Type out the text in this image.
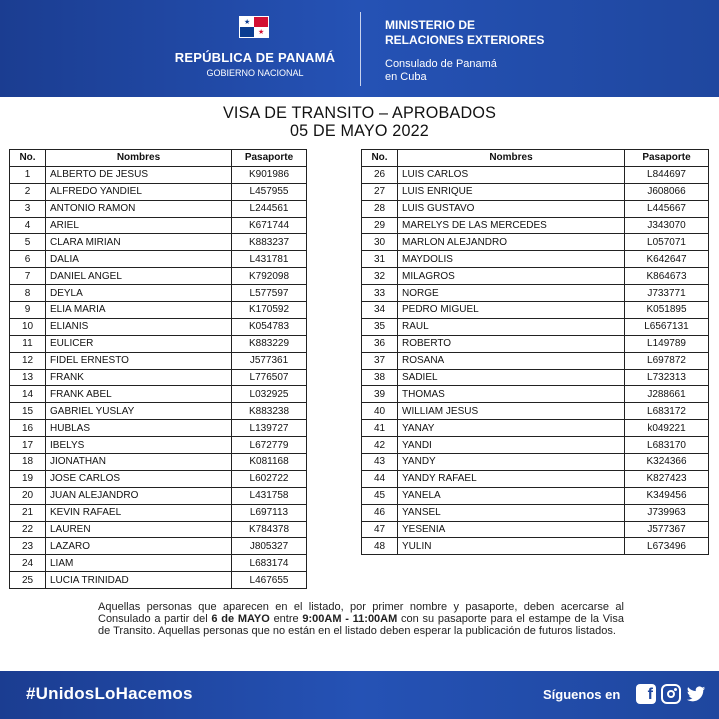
★
★
REPÚBLICA DE PANAMÁ
GOBIERNO NACIONAL
MINISTERIO DE
RELACIONES EXTERIORES
Consulado de Panamá
en Cuba
VISA DE TRANSITO – APROBADOS
05 DE MAYO 2022
No.	Nombres	Pasaporte
1	ALBERTO DE JESUS	K901986
2	ALFREDO YANDIEL	L457955
3	ANTONIO RAMON	L244561
4	ARIEL	K671744
5	CLARA MIRIAN	K883237
6	DALIA	L431781
7	DANIEL ANGEL	K792098
8	DEYLA	L577597
9	ELIA MARIA	K170592
10	ELIANIS	K054783
11	EULICER	K883229
12	FIDEL ERNESTO	J577361
13	FRANK	L776507
14	FRANK ABEL	L032925
15	GABRIEL YUSLAY	K883238
16	HUBLAS	L139727
17	IBELYS	L672779
18	JIONATHAN	K081168
19	JOSE CARLOS	L602722
20	JUAN ALEJANDRO	L431758
21	KEVIN RAFAEL	L697113
22	LAUREN	K784378
23	LAZARO	J805327
24	LIAM	L683174
25	LUCIA TRINIDAD	L467655
No.	Nombres	Pasaporte
26	LUIS CARLOS	L844697
27	LUIS ENRIQUE	J608066
28	LUIS GUSTAVO	L445667
29	MARELYS DE LAS MERCEDES	J343070
30	MARLON ALEJANDRO	L057071
31	MAYDOLIS	K642647
32	MILAGROS	K864673
33	NORGE	J733771
34	PEDRO MIGUEL	K051895
35	RAUL	L6567131
36	ROBERTO	L149789
37	ROSANA	L697872
38	SADIEL	L732313
39	THOMAS	J288661
40	WILLIAM JESUS	L683172
41	YANAY	k049221
42	YANDI	L683170
43	YANDY	K324366
44	YANDY RAFAEL	K827423
45	YANELA	K349456
46	YANSEL	J739963
47	YESENIA	J577367
48	YULIN	L673496

Aquellas personas que aparecen en el listado, por primer nombre y pasaporte, deben acercarse al Consulado a partir del 6 de MAYO entre 9:00AM - 11:00AM con su pasaporte para el estampe de la Visa de Transito. Aquellas personas que no están en el listado deben esperar la publicación de futuros listados.

#UnidosLoHacemos	Síguenos en	f
